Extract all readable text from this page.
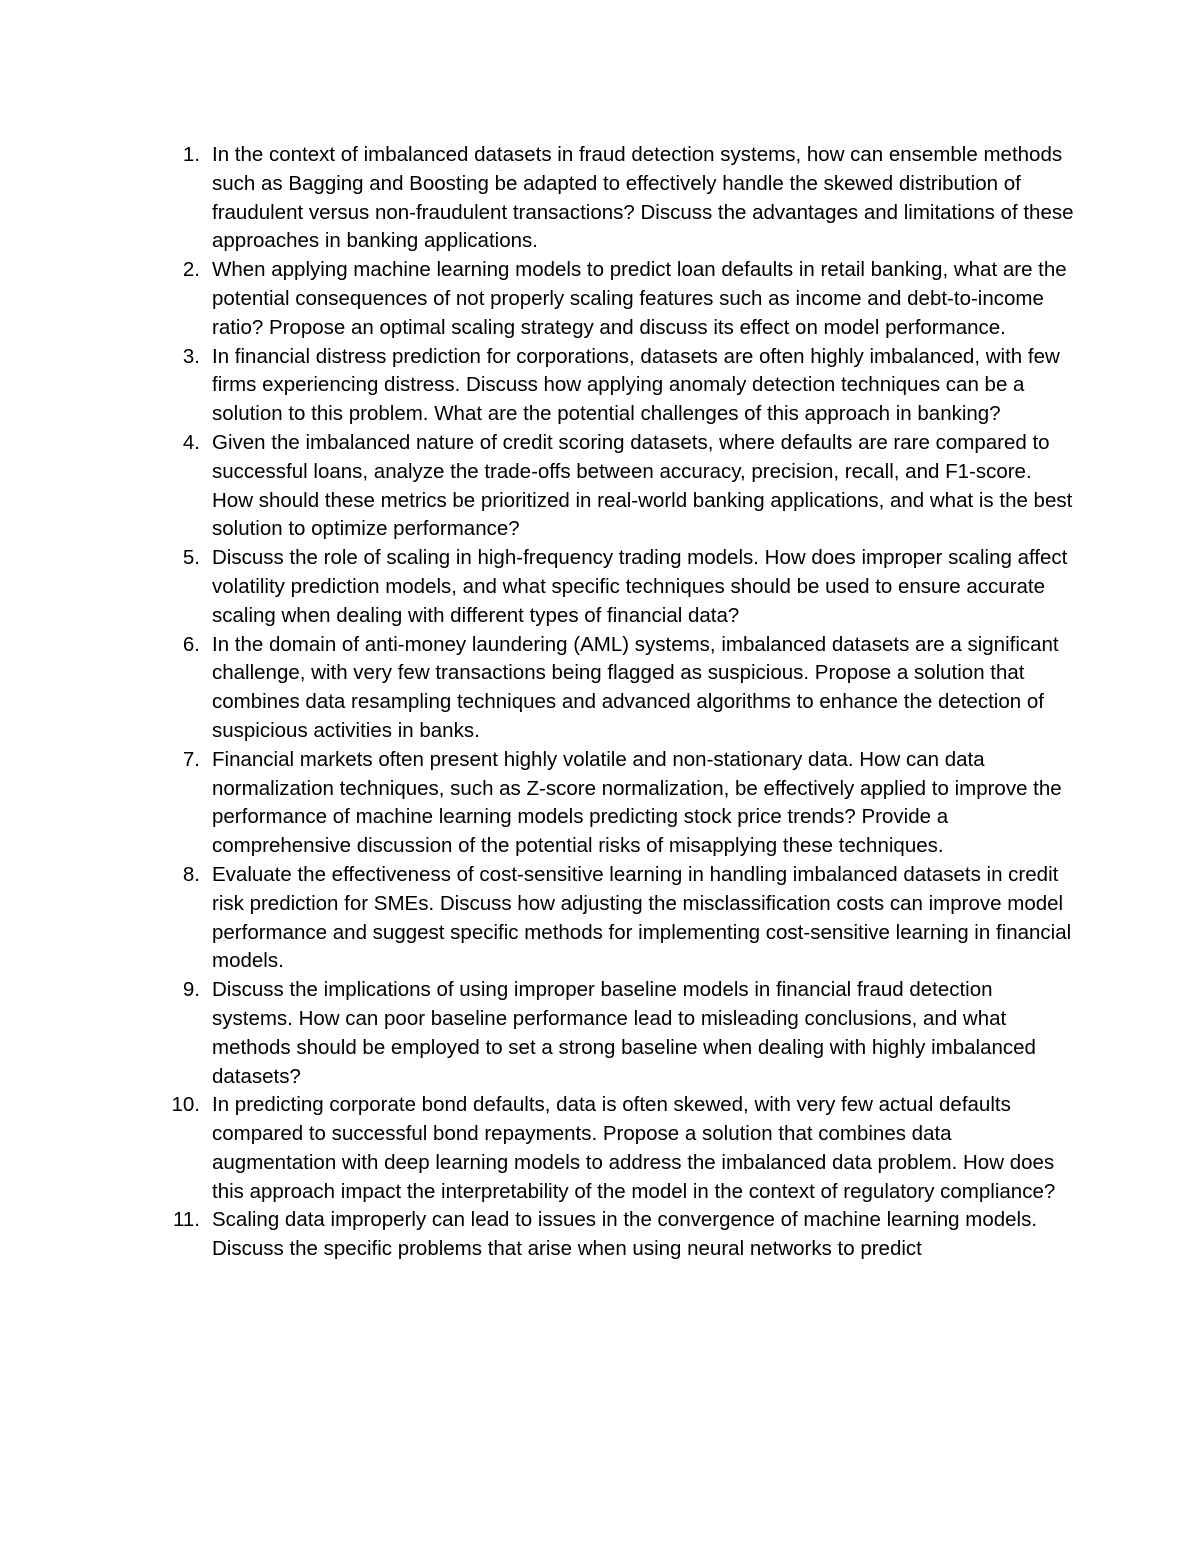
1. In the context of imbalanced datasets in fraud detection systems, how can ensemble methods such as Bagging and Boosting be adapted to effectively handle the skewed distribution of fraudulent versus non-fraudulent transactions? Discuss the advantages and limitations of these approaches in banking applications.
2. When applying machine learning models to predict loan defaults in retail banking, what are the potential consequences of not properly scaling features such as income and debt-to-income ratio? Propose an optimal scaling strategy and discuss its effect on model performance.
3. In financial distress prediction for corporations, datasets are often highly imbalanced, with few firms experiencing distress. Discuss how applying anomaly detection techniques can be a solution to this problem. What are the potential challenges of this approach in banking?
4. Given the imbalanced nature of credit scoring datasets, where defaults are rare compared to successful loans, analyze the trade-offs between accuracy, precision, recall, and F1-score. How should these metrics be prioritized in real-world banking applications, and what is the best solution to optimize performance?
5. Discuss the role of scaling in high-frequency trading models. How does improper scaling affect volatility prediction models, and what specific techniques should be used to ensure accurate scaling when dealing with different types of financial data?
6. In the domain of anti-money laundering (AML) systems, imbalanced datasets are a significant challenge, with very few transactions being flagged as suspicious. Propose a solution that combines data resampling techniques and advanced algorithms to enhance the detection of suspicious activities in banks.
7. Financial markets often present highly volatile and non-stationary data. How can data normalization techniques, such as Z-score normalization, be effectively applied to improve the performance of machine learning models predicting stock price trends? Provide a comprehensive discussion of the potential risks of misapplying these techniques.
8. Evaluate the effectiveness of cost-sensitive learning in handling imbalanced datasets in credit risk prediction for SMEs. Discuss how adjusting the misclassification costs can improve model performance and suggest specific methods for implementing cost-sensitive learning in financial models.
9. Discuss the implications of using improper baseline models in financial fraud detection systems. How can poor baseline performance lead to misleading conclusions, and what methods should be employed to set a strong baseline when dealing with highly imbalanced datasets?
10. In predicting corporate bond defaults, data is often skewed, with very few actual defaults compared to successful bond repayments. Propose a solution that combines data augmentation with deep learning models to address the imbalanced data problem. How does this approach impact the interpretability of the model in the context of regulatory compliance?
11. Scaling data improperly can lead to issues in the convergence of machine learning models. Discuss the specific problems that arise when using neural networks to predict
